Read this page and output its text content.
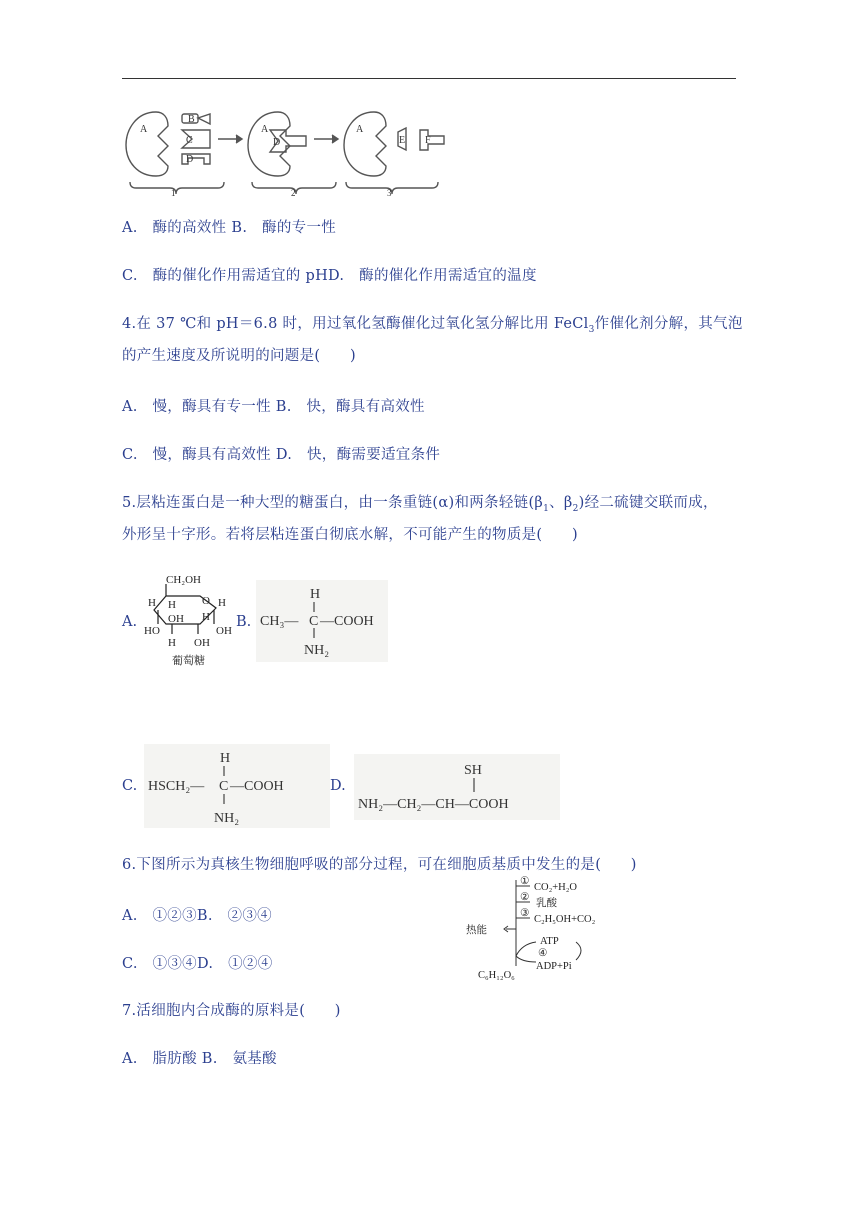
A
B
C
D
A
D
A
E F
1	2	3
A.　酶的高效性 B.　酶的专一性
C.　酶的催化作用需适宜的 pHD.　酶的催化作用需适宜的温度
4.在 37 ℃和 pH＝6.8 时，用过氧化氢酶催化过氧化氢分解比用 FeCl$_3$作催化剂分解，其气泡
的产生速度及所说明的问题是(　　)
A.　慢，酶具有专一性 B.　快，酶具有高效性
C.　慢，酶具有高效性 D.　快，酶需要适宜条件
5.层粘连蛋白是一种大型的糖蛋白，由一条重链(α)和两条轻链($\beta_1$、$\beta_2$)经二硫键交联而成，
外形呈十字形。若将层粘连蛋白彻底水解，不可能产生的物质是(　　)
A.
CH₂OH
O
H H	H
HO
OH H
OH
H OH
葡萄糖
B.
H
CH₃— C —COOH
NH₂
C.
H
HSCH₂— C —COOH
NH₂
D.
SH
NH₂—CH₂—CH—COOH
6.下图所示为真核生物细胞呼吸的部分过程，可在细胞质基质中发生的是(　　)
A.　①②③B.　②③④
C.　①③④D.　①②④
①
②
③
CO₂+H₂O
乳酸
C₂H₅OH+CO₂
热能
ATP
④
ADP+Pi
C₆H₁₂O₆
7.活细胞内合成酶的原料是(　　)
A.　脂肪酸 B.　氨基酸
